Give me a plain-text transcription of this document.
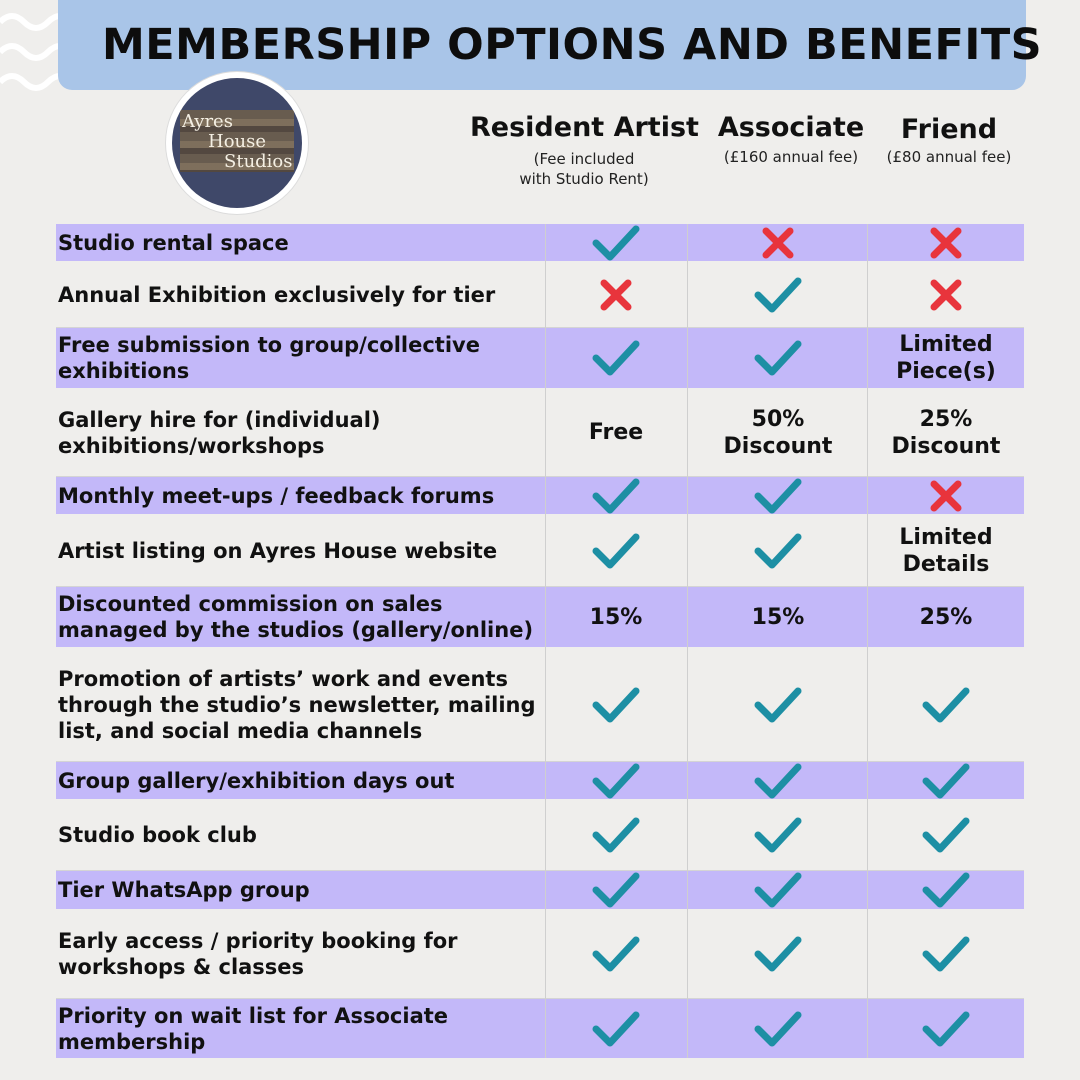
MEMBERSHIP OPTIONS AND BENEFITS
Ayres
House
Studios
Resident Artist
(Fee included
with Studio Rent)
Associate
(£160 annual fee)
Friend
(£80 annual fee)
Studio rental space
Annual Exhibition exclusively for tier
Free submission to group/collective exhibitions
Limited Piece(s)
Gallery hire for (individual) exhibitions/workshops
Free
50% Discount
25% Discount
Monthly meet-ups / feedback forums
Artist listing on Ayres House website
Limited Details
Discounted commission on sales managed by the studios (gallery/online)
15%	15%	25%
Promotion of artists’ work and events through the studio’s newsletter, mailing list, and social media channels
Group gallery/exhibition days out
Studio book club
Tier WhatsApp group
Early access / priority booking for workshops & classes
Priority on wait list for Associate membership
